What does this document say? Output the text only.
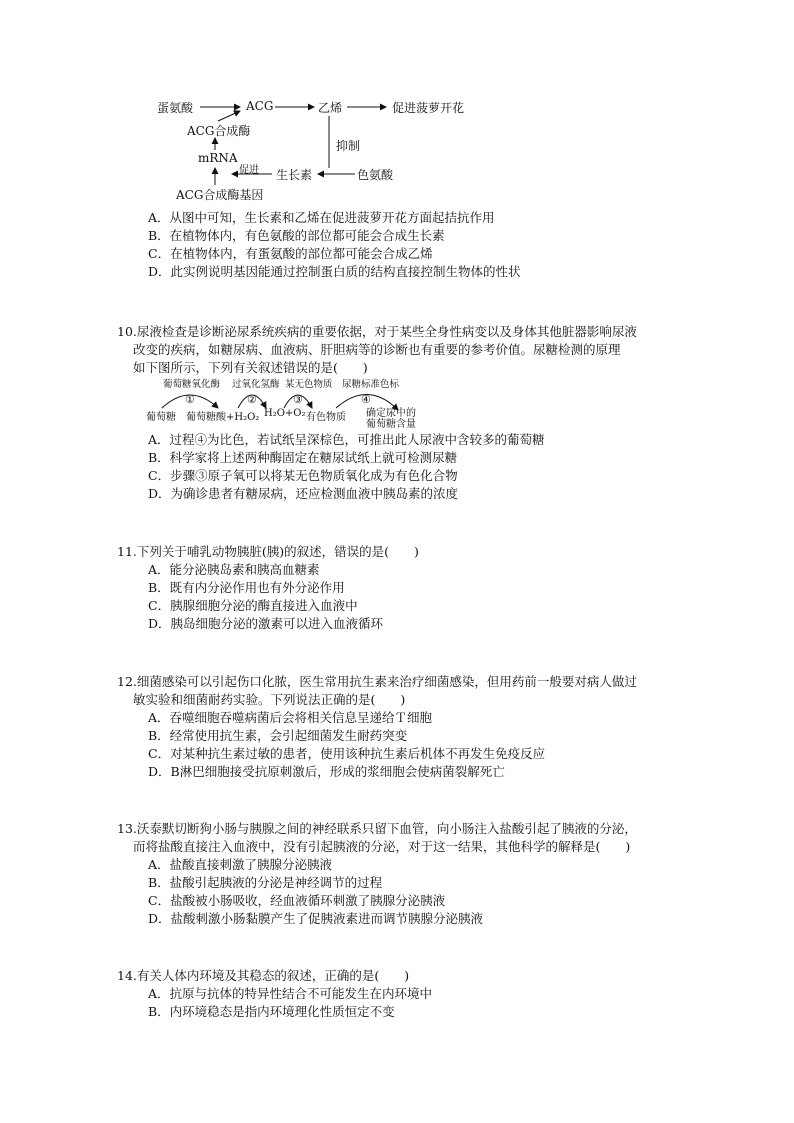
蛋氨酸	ACG	乙烯	促进菠萝开花
ACG合成酶
抑制
mRNA
促进 生长素	色氨酸
ACG合成酶基因
A．从图中可知，生长素和乙烯在促进菠萝开花方面起拮抗作用
B．在植物体内，有色氨酸的部位都可能会合成生长素
C．在植物体内，有蛋氨酸的部位都可能会合成乙烯
D．此实例说明基因能通过控制蛋白质的结构直接控制生物体的性状
10.尿液检查是诊断泌尿系统疾病的重要依据，对于某些全身性病变以及身体其他脏器影响尿液
改变的疾病，如糖尿病、血液病、肝胆病等的诊断也有重要的参考价值。尿糖检测的原理
如下图所示，下列有关叙述错误的是(　　)
葡萄糖氧化酶 过氧化氢酶 某无色物质 尿糖标准色标
①	②	③	④
葡萄糖 葡萄糖酸+H₂O₂ H₂O+O₂ 有色物质 确定尿中的
葡萄糖含量
A．过程④为比色，若试纸呈深棕色，可推出此人尿液中含较多的葡萄糖
B．科学家将上述两种酶固定在糖尿试纸上就可检测尿糖
C．步骤③原子氧可以将某无色物质氧化成为有色化合物
D．为确诊患者有糖尿病，还应检测血液中胰岛素的浓度
11.下列关于哺乳动物胰脏(胰)的叙述，错误的是(　　)
A．能分泌胰岛素和胰高血糖素
B．既有内分泌作用也有外分泌作用
C．胰腺细胞分泌的酶直接进入血液中
D．胰岛细胞分泌的激素可以进入血液循环
12.细菌感染可以引起伤口化脓，医生常用抗生素来治疗细菌感染，但用药前一般要对病人做过
敏实验和细菌耐药实验。下列说法正确的是(　　)
A．吞噬细胞吞噬病菌后会将相关信息呈递给Ｔ细胞
B．经常使用抗生素，会引起细菌发生耐药突变
C．对某种抗生素过敏的患者，使用该种抗生素后机体不再发生免疫反应
D．B淋巴细胞接受抗原刺激后，形成的浆细胞会使病菌裂解死亡
13.沃泰默切断狗小肠与胰腺之间的神经联系只留下血管，向小肠注入盐酸引起了胰液的分泌，
而将盐酸直接注入血液中，没有引起胰液的分泌，对于这一结果，其他科学的解释是(　　)
A．盐酸直接刺激了胰腺分泌胰液
B．盐酸引起胰液的分泌是神经调节的过程
C．盐酸被小肠吸收，经血液循环刺激了胰腺分泌胰液
D．盐酸刺激小肠黏膜产生了促胰液素进而调节胰腺分泌胰液
14.有关人体内环境及其稳态的叙述，正确的是(　　)
A．抗原与抗体的特异性结合不可能发生在内环境中
B．内环境稳态是指内环境理化性质恒定不变
